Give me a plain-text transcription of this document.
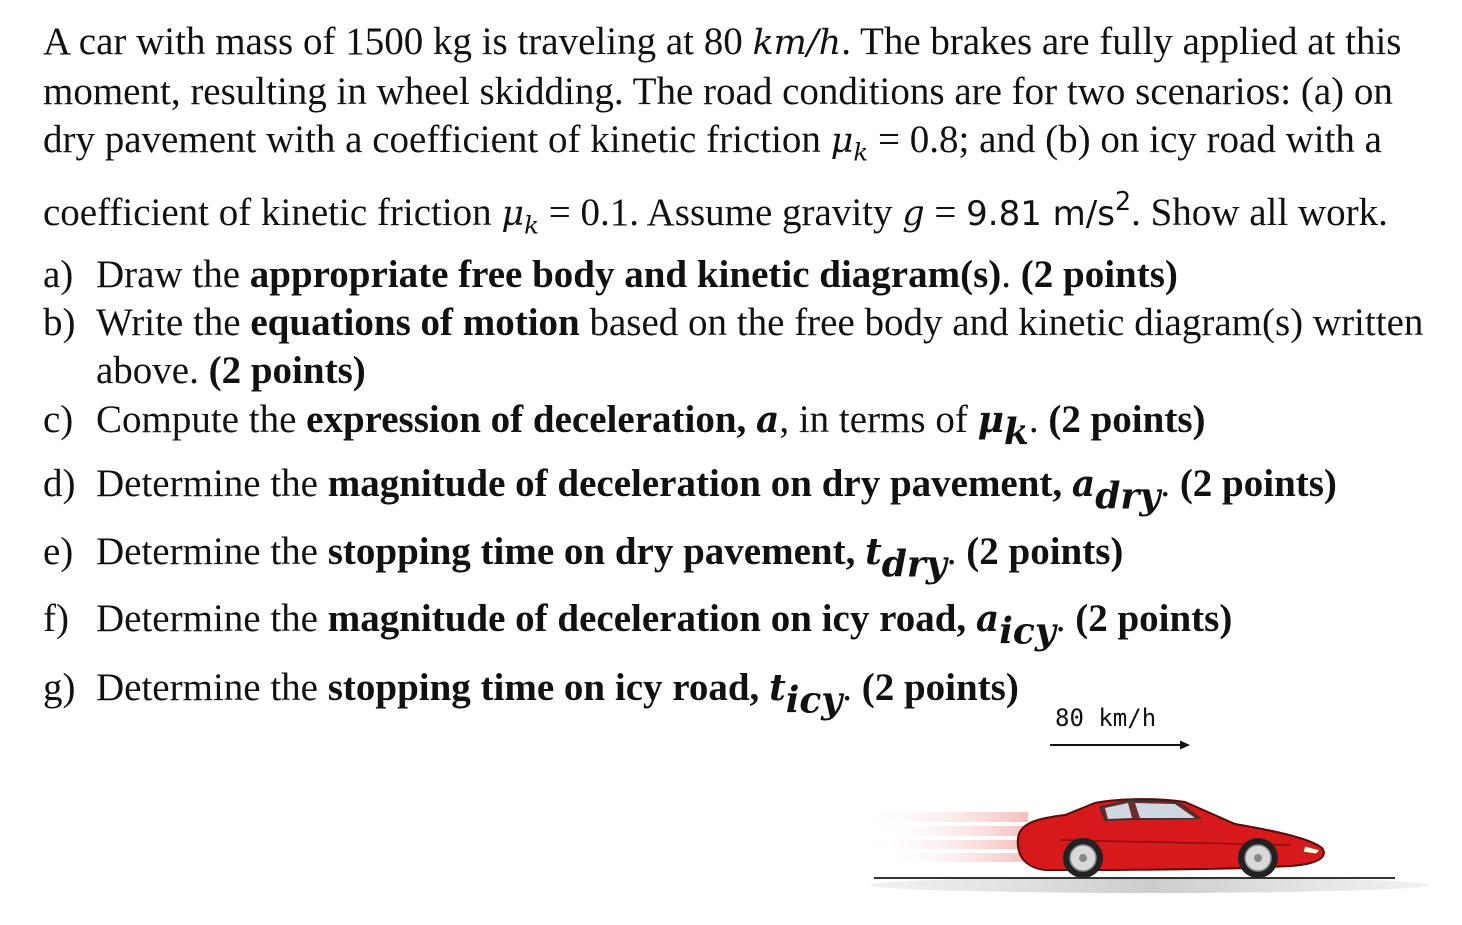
A car with mass of 1500 kg is traveling at 80 km/h. The brakes are fully applied at this moment, resulting in wheel skidding. The road conditions are for two scenarios: (a) on dry pavement with a coefficient of kinetic friction $\mu_k = 0.8$; and (b) on icy road with a coefficient of kinetic friction $\mu_k = 0.1$. Assume gravity g = 9.81 $m/s^2$. Show all work.

a) Draw the appropriate free body and kinetic diagram(s). (2 points)
b) Write the equations of motion based on the free body and kinetic diagram(s) written above. (2 points)
c) Compute the expression of deceleration, a, in terms of μk. (2 points)
d) Determine the magnitude of deceleration on dry pavement, adry. (2 points)
e) Determine the stopping time on dry pavement, tdry. (2 points)
f) Determine the magnitude of deceleration on icy road, aicy. (2 points)
g) Determine the stopping time on icy road, ticy. (2 points)
80 km/h
